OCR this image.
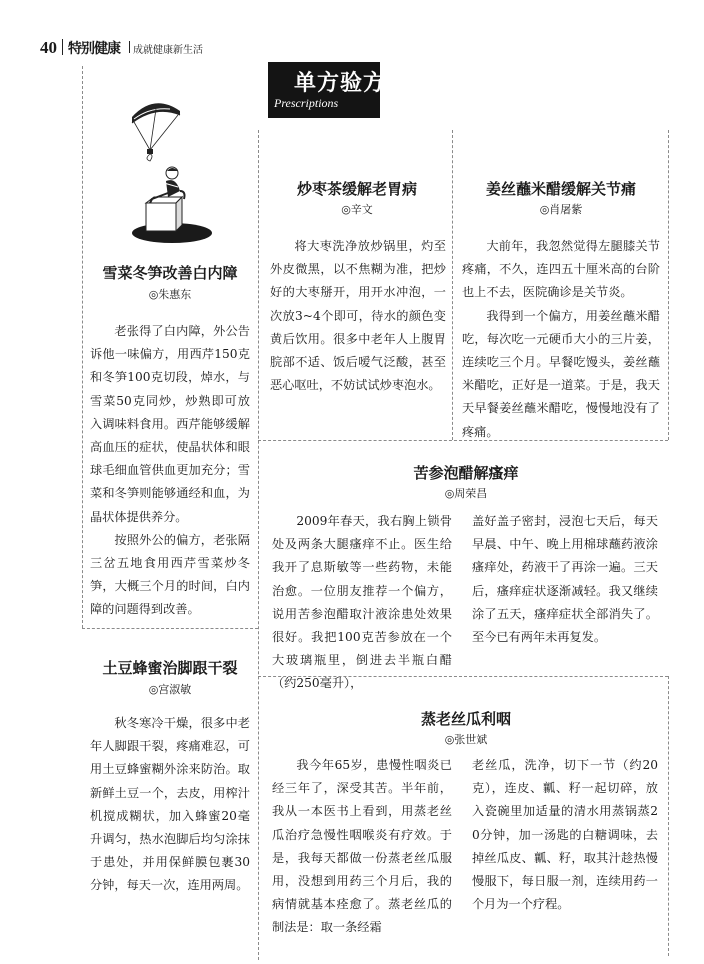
40 特别健康 成就健康新生活
单方验方
Prescriptions
雪菜冬笋改善白内障
◎朱惠东

老张得了白内障，外公告诉他一味偏方，用西芹150克和冬笋100克切段，焯水，与雪菜50克同炒，炒熟即可放入调味料食用。西芹能够缓解高血压的症状，使晶状体和眼球毛细血管供血更加充分；雪菜和冬笋则能够通经和血，为晶状体提供养分。

按照外公的偏方，老张隔三岔五地食用西芹雪菜炒冬笋，大概三个月的时间，白内障的问题得到改善。

土豆蜂蜜治脚跟干裂
◎宫淑敏

秋冬寒冷干燥，很多中老年人脚跟干裂，疼痛难忍，可用土豆蜂蜜糊外涂来防治。取新鲜土豆一个，去皮，用榨汁机搅成糊状，加入蜂蜜20毫升调匀，热水泡脚后均匀涂抹于患处，并用保鲜膜包裹30分钟，每天一次，连用两周。

炒枣茶缓解老胃病
◎辛文

将大枣洗净放炒锅里，灼至外皮微黑，以不焦糊为准，把炒好的大枣掰开，用开水冲泡，一次放3~4个即可，待水的颜色变黄后饮用。很多中老年人上腹胃脘部不适、饭后嗳气泛酸，甚至恶心呕吐，不妨试试炒枣泡水。

姜丝蘸米醋缓解关节痛
◎肖屠紫

大前年，我忽然觉得左腿膝关节疼痛，不久，连四五十厘米高的台阶也上不去，医院确诊是关节炎。

我得到一个偏方，用姜丝蘸米醋吃，每次吃一元硬币大小的三片姜，连续吃三个月。早餐吃馒头，姜丝蘸米醋吃，正好是一道菜。于是，我天天早餐姜丝蘸米醋吃，慢慢地没有了疼痛。

苦参泡醋解瘙痒
◎周荣昌

2009年春天，我右胸上锁骨处及两条大腿瘙痒不止。医生给我开了息斯敏等一些药物，未能治愈。一位朋友推荐一个偏方，说用苦参泡醋取汁液涂患处效果很好。我把100克苦参放在一个大玻璃瓶里，倒进去半瓶白醋（约250毫升），

盖好盖子密封，浸泡七天后，每天早晨、中午、晚上用棉球蘸药液涂瘙痒处，药液干了再涂一遍。三天后，瘙痒症状逐渐减轻。我又继续涂了五天，瘙痒症状全部消失了。至今已有两年未再复发。

蒸老丝瓜利咽
◎张世斌

我今年65岁，患慢性咽炎已经三年了，深受其苦。半年前，我从一本医书上看到，用蒸老丝瓜治疗急慢性咽喉炎有疗效。于是，我每天都做一份蒸老丝瓜服用，没想到用药三个月后，我的病情就基本痊愈了。蒸老丝瓜的制法是：取一条经霜

老丝瓜，洗净，切下一节（约20克），连皮、瓤、籽一起切碎，放入瓷碗里加适量的清水用蒸锅蒸20分钟，加一汤匙的白糖调味，去掉丝瓜皮、瓤、籽，取其汁趁热慢慢服下，每日服一剂，连续用药一个月为一个疗程。
